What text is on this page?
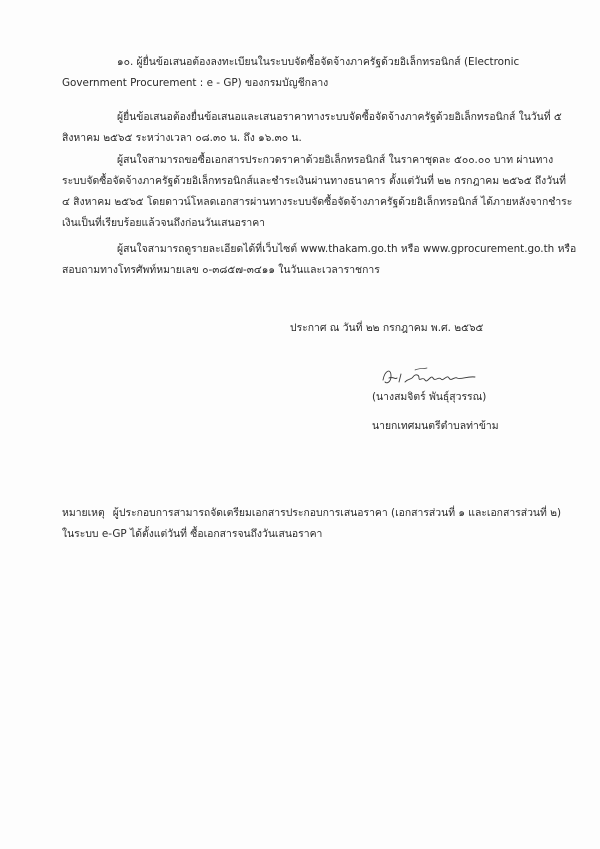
๑๐. ผู้ยื่นข้อเสนอต้องลงทะเบียนในระบบจัดซื้อจัดจ้างภาครัฐด้วยอิเล็กทรอนิกส์ (Electronic
Government Procurement : e - GP) ของกรมบัญชีกลาง
ผู้ยื่นข้อเสนอต้องยื่นข้อเสนอและเสนอราคาทางระบบจัดซื้อจัดจ้างภาครัฐด้วยอิเล็กทรอนิกส์ ในวันที่ ๕
สิงหาคม ๒๕๖๕ ระหว่างเวลา ๐๘.๓๐ น. ถึง ๑๖.๓๐ น.
ผู้สนใจสามารถขอซื้อเอกสารประกวดราคาด้วยอิเล็กทรอนิกส์ ในราคาชุดละ ๕๐๐.๐๐ บาท ผ่านทาง
ระบบจัดซื้อจัดจ้างภาครัฐด้วยอิเล็กทรอนิกส์และชำระเงินผ่านทางธนาคาร ตั้งแต่วันที่ ๒๒ กรกฎาคม ๒๕๖๕ ถึงวันที่
๔ สิงหาคม ๒๕๖๕ โดยดาวน์โหลดเอกสารผ่านทางระบบจัดซื้อจัดจ้างภาครัฐด้วยอิเล็กทรอนิกส์ ได้ภายหลังจากชำระ
เงินเป็นที่เรียบร้อยแล้วจนถึงก่อนวันเสนอราคา
ผู้สนใจสามารถดูรายละเอียดได้ที่เว็บไซต์ www.thakam.go.th หรือ www.gprocurement.go.th หรือ
สอบถามทางโทรศัพท์หมายเลข ๐-๓๘๕๗-๓๔๑๑ ในวันและเวลาราชการ
ประกาศ ณ วันที่ ๒๒ กรกฎาคม พ.ศ. ๒๕๖๕
(นางสมจิตร์ พันธุ์สุวรรณ)
นายกเทศมนตรีตำบลท่าข้าม
หมายเหตุ ผู้ประกอบการสามารถจัดเตรียมเอกสารประกอบการเสนอราคา (เอกสารส่วนที่ ๑ และเอกสารส่วนที่ ๒)
ในระบบ e-GP ได้ตั้งแต่วันที่ ซื้อเอกสารจนถึงวันเสนอราคา
